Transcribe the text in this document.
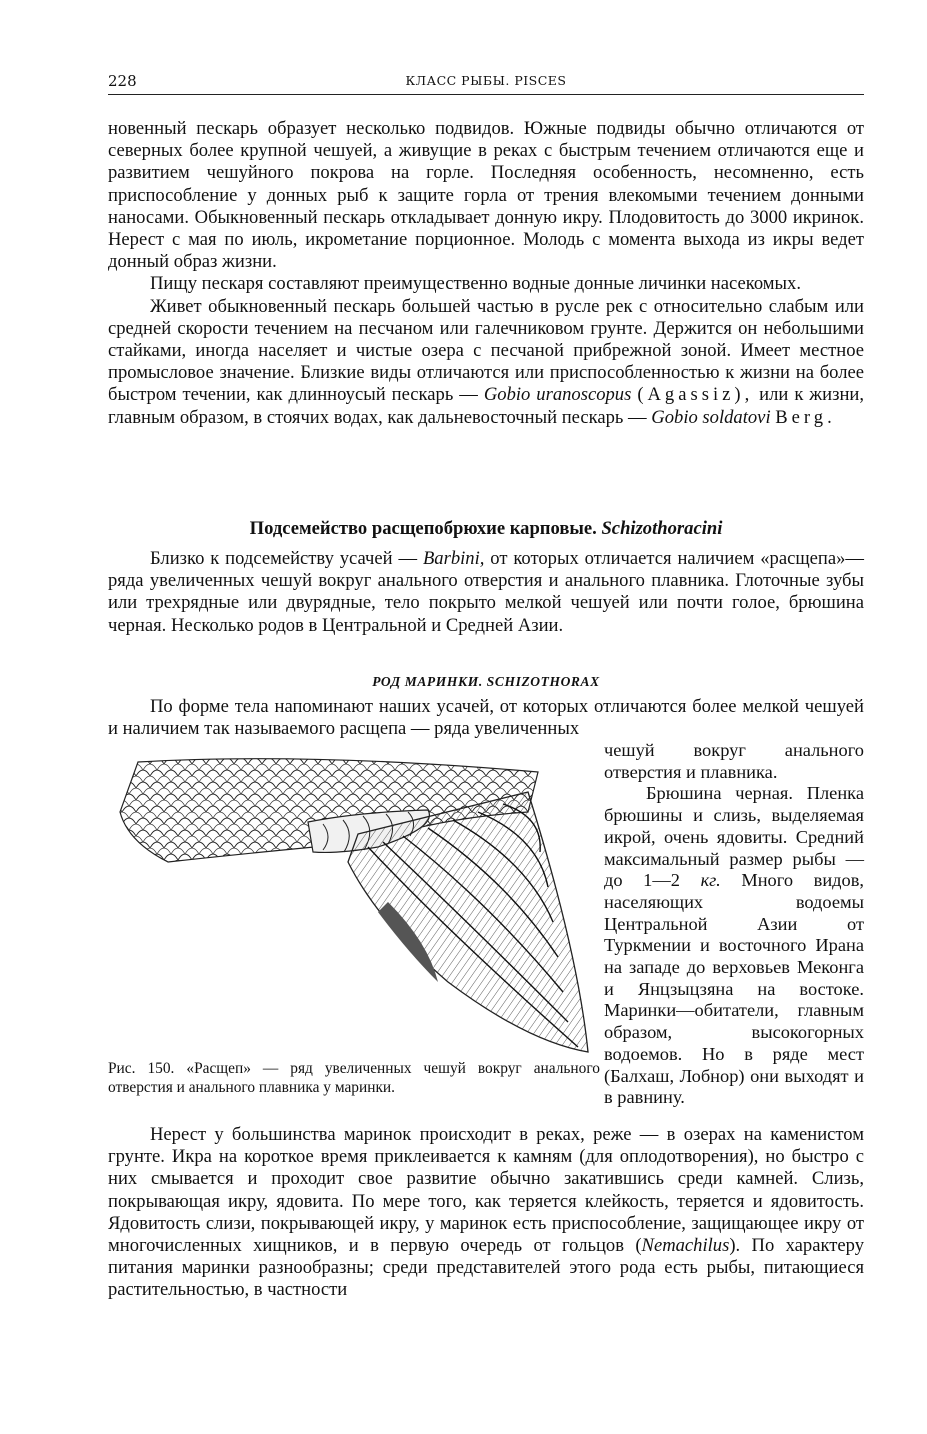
228	КЛАСС РЫБЫ. PISCES

новенный пескарь образует несколько подвидов. Южные подвиды обычно отличаются от северных более крупной чешуей, а живущие в реках с быстрым течением отличаются еще и развитием чешуйного покрова на горле. Последняя особенность, несомненно, есть приспособление у донных рыб к защите горла от трения влекомыми течением донными наносами. Обыкновенный пескарь откладывает донную икру. Плодовитость до 3000 икринок. Нерест с мая по июль, икрометание порционное. Молодь с момента выхода из икры ведет донный образ жизни.

Пищу пескаря составляют преимущественно водные донные личинки насекомых.

Живет обыкновенный пескарь большей частью в русле рек с относительно слабым или средней скорости течением на песчаном или галечниковом грунте. Держится он небольшими стайками, иногда населяет и чистые озера с песчаной прибрежной зоной. Имеет местное промысловое значение. Близкие виды отличаются или приспособленностью к жизни на более быстром течении, как длинноусый пескарь — Gobio uranoscopus (Agassiz), или к жизни, главным образом, в стоячих водах, как дальневосточный пескарь — Gobio soldatovi Berg.

Подсемейство расщепобрюхие карповые. Schizothoracini

Близко к подсемейству усачей — Barbini, от которых отличается наличием «расщепа»— ряда увеличенных чешуй вокруг анального отверстия и анального плавника. Глоточные зубы или трехрядные или двурядные, тело покрыто мелкой чешуей или почти голое, брюшина черная. Несколько родов в Центральной и Средней Азии.

РОД МАРИНКИ. SCHIZOTHORAX

По форме тела напоминают наших усачей, от которых отличаются более мелкой чешуей и наличием так называемого расщепа — ряда увеличенных

Рис. 150. «Расщеп» — ряд увеличенных чешуй вокруг анального отверстия и анального плавника у маринки.

чешуй вокруг анального отверстия и плавника.

Брюшина черная. Пленка брюшины и слизь, выделяемая икрой, очень ядовиты. Средний максимальный размер рыбы — до 1—2 кг. Много видов, населяющих водоемы Центральной Азии от Туркмении и восточного Ирана на западе до верховьев Меконга и Янцзыцзяна на востоке. Маринки—обитатели, главным образом, высокогорных водоемов. Но в ряде мест (Балхаш, Лобнор) они выходят и в равнину.

Нерест у большинства маринок происходит в реках, реже — в озерах на каменистом грунте. Икра на короткое время приклеивается к камням (для оплодотворения), но быстро с них смывается и проходит свое развитие обычно закатившись среди камней. Слизь, покрывающая икру, ядовита. По мере того, как теряется клейкость, теряется и ядовитость. Ядовитость слизи, покрывающей икру, у маринок есть приспособление, защищающее икру от многочисленных хищников, и в первую очередь от гольцов (Nemachilus). По характеру питания маринки разнообразны; среди представителей этого рода есть рыбы, питающиеся растительностью, в частности
